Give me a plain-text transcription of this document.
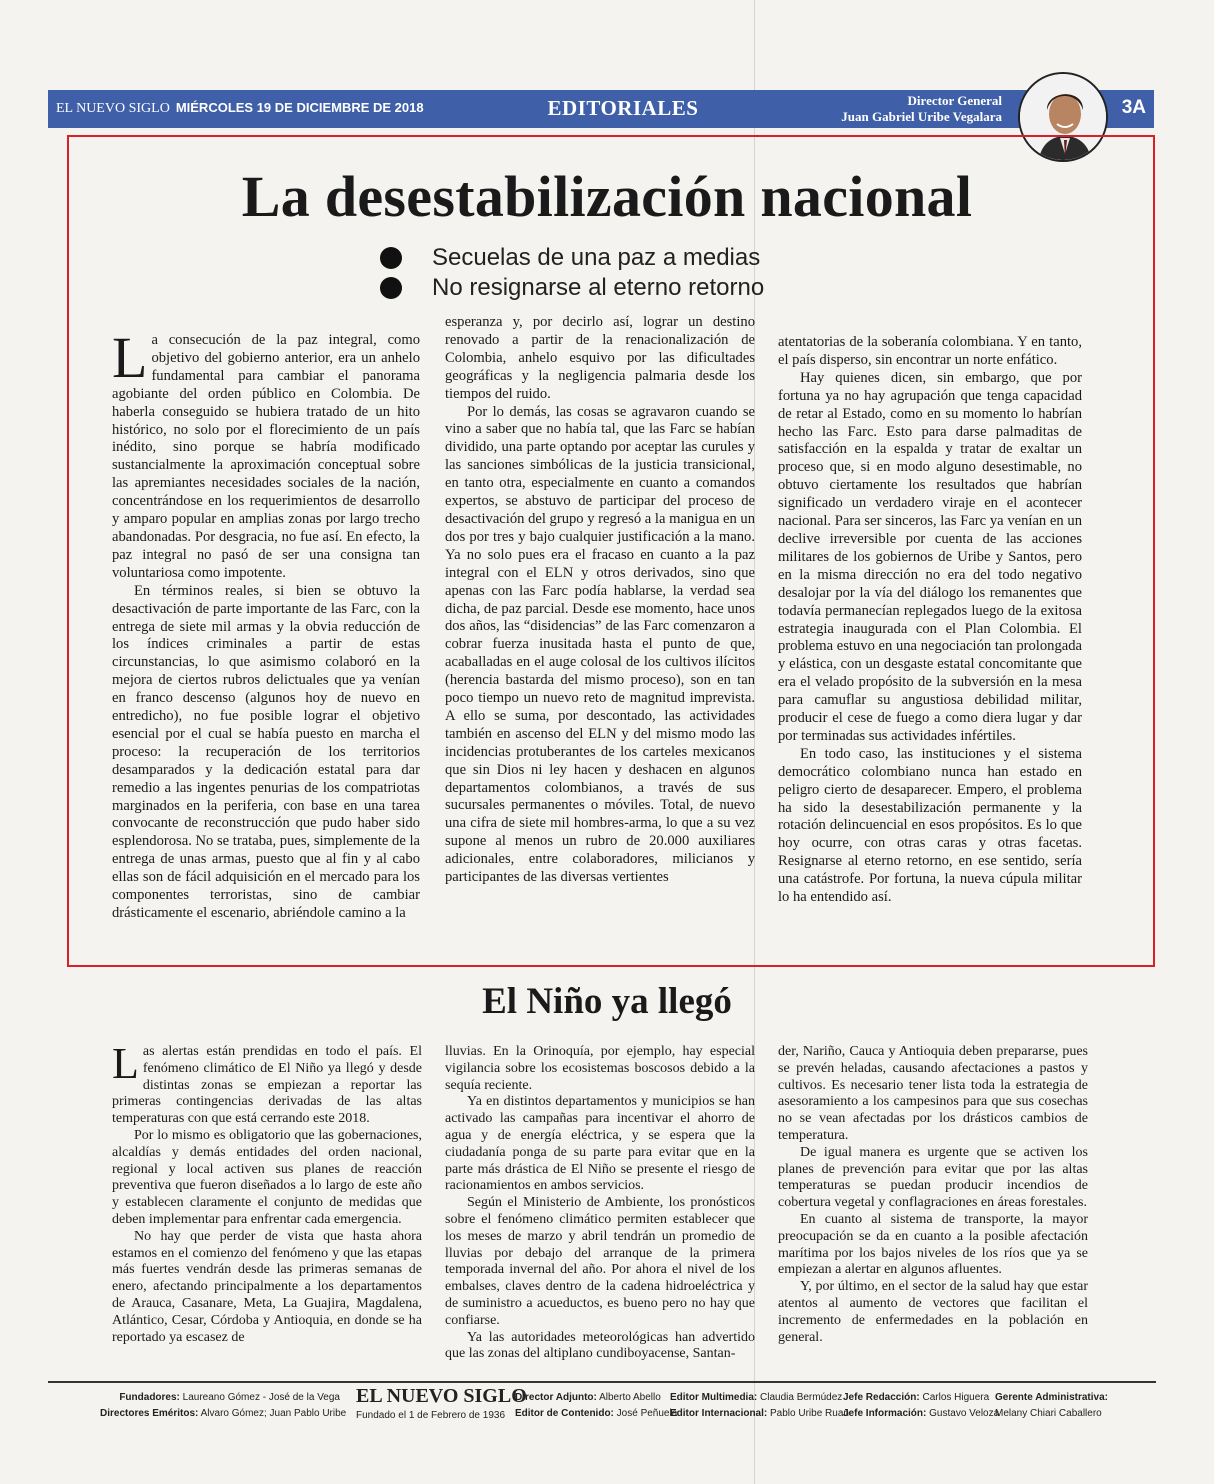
EL NUEVO SIGLO MIÉRCOLES 19 DE DICIEMBRE DE 2018	EDITORIALES	Director General
Juan Gabriel Uribe Vegalara	3A
La desestabilización nacional
Secuelas de una paz a medias
No resignarse al eterno retorno

La consecución de la paz integral, como objetivo del gobierno anterior, era un anhelo fundamental para cambiar el panorama agobiante del orden público en Colombia. De haberla conseguido se hubiera tratado de un hito histórico, no solo por el florecimiento de un país inédito, sino porque se habría modificado sustancialmente la aproximación conceptual sobre las apremiantes necesidades sociales de la nación, concentrándose en los requerimientos de desarrollo y amparo popular en amplias zonas por largo trecho abandonadas. Por desgracia, no fue así. En efecto, la paz integral no pasó de ser una consigna tan voluntariosa como impotente.

En términos reales, si bien se obtuvo la desactivación de parte importante de las Farc, con la entrega de siete mil armas y la obvia reducción de los índices criminales a partir de estas circunstancias, lo que asimismo colaboró en la mejora de ciertos rubros delictuales que ya venían en franco descenso (algunos hoy de nuevo en entredicho), no fue posible lograr el objetivo esencial por el cual se había puesto en marcha el proceso: la recuperación de los territorios desamparados y la dedicación estatal para dar remedio a las ingentes penurias de los compatriotas marginados en la periferia, con base en una tarea convocante de reconstrucción que pudo haber sido esplendorosa. No se trataba, pues, simplemente de la entrega de unas armas, puesto que al fin y al cabo ellas son de fácil adquisición en el mercado para los componentes terroristas, sino de cambiar drásticamente el escenario, abriéndole camino a la

esperanza y, por decirlo así, lograr un destino renovado a partir de la renacionalización de Colombia, anhelo esquivo por las dificultades geográficas y la negligencia palmaria desde los tiempos del ruido.

Por lo demás, las cosas se agravaron cuando se vino a saber que no había tal, que las Farc se habían dividido, una parte optando por aceptar las curules y las sanciones simbólicas de la justicia transicional, en tanto otra, especialmente en cuanto a comandos expertos, se abstuvo de participar del proceso de desactivación del grupo y regresó a la manigua en un dos por tres y bajo cualquier justificación a la mano. Ya no solo pues era el fracaso en cuanto a la paz integral con el ELN y otros derivados, sino que apenas con las Farc podía hablarse, la verdad sea dicha, de paz parcial. Desde ese momento, hace unos dos años, las “disidencias” de las Farc comenzaron a cobrar fuerza inusitada hasta el punto de que, acaballadas en el auge colosal de los cultivos ilícitos (herencia bastarda del mismo proceso), son en tan poco tiempo un nuevo reto de magnitud imprevista. A ello se suma, por descontado, las actividades también en ascenso del ELN y del mismo modo las incidencias protuberantes de los carteles mexicanos que sin Dios ni ley hacen y deshacen en algunos departamentos colombianos, a través de sus sucursales permanentes o móviles. Total, de nuevo una cifra de siete mil hombres-arma, lo que a su vez supone al menos un rubro de 20.000 auxiliares adicionales, entre colaboradores, milicianos y participantes de las diversas vertientes

atentatorias de la soberanía colombiana. Y en tanto, el país disperso, sin encontrar un norte enfático.

Hay quienes dicen, sin embargo, que por fortuna ya no hay agrupación que tenga capacidad de retar al Estado, como en su momento lo habrían hecho las Farc. Esto para darse palmaditas de satisfacción en la espalda y tratar de exaltar un proceso que, si en modo alguno desestimable, no obtuvo ciertamente los resultados que habrían significado un verdadero viraje en el acontecer nacional. Para ser sinceros, las Farc ya venían en un declive irreversible por cuenta de las acciones militares de los gobiernos de Uribe y Santos, pero en la misma dirección no era del todo negativo desalojar por la vía del diálogo los remanentes que todavía permanecían replegados luego de la exitosa estrategia inaugurada con el Plan Colombia. El problema estuvo en una negociación tan prolongada y elástica, con un desgaste estatal concomitante que era el velado propósito de la subversión en la mesa para camuflar su angustiosa debilidad militar, producir el cese de fuego a como diera lugar y dar por terminadas sus actividades infértiles.

En todo caso, las instituciones y el sistema democrático colombiano nunca han estado en peligro cierto de desaparecer. Empero, el problema ha sido la desestabilización permanente y la rotación delincuencial en esos propósitos. Es lo que hoy ocurre, con otras caras y otras facetas. Resignarse al eterno retorno, en ese sentido, sería una catástrofe. Por fortuna, la nueva cúpula militar lo ha entendido así.

El Niño ya llegó

Las alertas están prendidas en todo el país. El fenómeno climático de El Niño ya llegó y desde distintas zonas se empiezan a reportar las primeras contingencias derivadas de las altas temperaturas con que está cerrando este 2018.

Por lo mismo es obligatorio que las gobernaciones, alcaldías y demás entidades del orden nacional, regional y local activen sus planes de reacción preventiva que fueron diseñados a lo largo de este año y establecen claramente el conjunto de medidas que deben implementar para enfrentar cada emergencia.

No hay que perder de vista que hasta ahora estamos en el comienzo del fenómeno y que las etapas más fuertes vendrán desde las primeras semanas de enero, afectando principalmente a los departamentos de Arauca, Casanare, Meta, La Guajira, Magdalena, Atlántico, Cesar, Córdoba y Antioquia, en donde se ha reportado ya escasez de

lluvias. En la Orinoquía, por ejemplo, hay especial vigilancia sobre los ecosistemas boscosos debido a la sequía reciente.

Ya en distintos departamentos y municipios se han activado las campañas para incentivar el ahorro de agua y de energía eléctrica, y se espera que la ciudadanía ponga de su parte para evitar que en la parte más drástica de El Niño se presente el riesgo de racionamientos en ambos servicios.

Según el Ministerio de Ambiente, los pronósticos sobre el fenómeno climático permiten establecer que los meses de marzo y abril tendrán un promedio de lluvias por debajo del arranque de la primera temporada invernal del año. Por ahora el nivel de los embalses, claves dentro de la cadena hidroeléctrica y de suministro a acueductos, es bueno pero no hay que confiarse.

Ya las autoridades meteorológicas han advertido que las zonas del altiplano cundiboyacense, Santan-

der, Nariño, Cauca y Antioquia deben prepararse, pues se prevén heladas, causando afectaciones a pastos y cultivos. Es necesario tener lista toda la estrategia de asesoramiento a los campesinos para que sus cosechas no se vean afectadas por los drásticos cambios de temperatura.

De igual manera es urgente que se activen los planes de prevención para evitar que por las altas temperaturas se puedan producir incendios de cobertura vegetal y conflagraciones en áreas forestales.

En cuanto al sistema de transporte, la mayor preocupación se da en cuanto a la posible afectación marítima por los bajos niveles de los ríos que ya se empiezan a alertar en algunos afluentes.

Y, por último, en el sector de la salud hay que estar atentos al aumento de vectores que facilitan el incremento de enfermedades en la población en general.

Fundadores: Laureano Gómez - José de la Vega
Directores Eméritos: Alvaro Gómez; Juan Pablo Uribe
EL NUEVO SIGLO
Fundado el 1 de Febrero de 1936
Director Adjunto: Alberto Abello
Editor de Contenido: José Peñuela
Editor Multimedia: Claudia Bermúdez
Editor Internacional: Pablo Uribe Ruan
Jefe Redacción: Carlos Higuera
Jefe Información: Gustavo Veloza
Gerente Administrativa:
Melany Chiari Caballero
